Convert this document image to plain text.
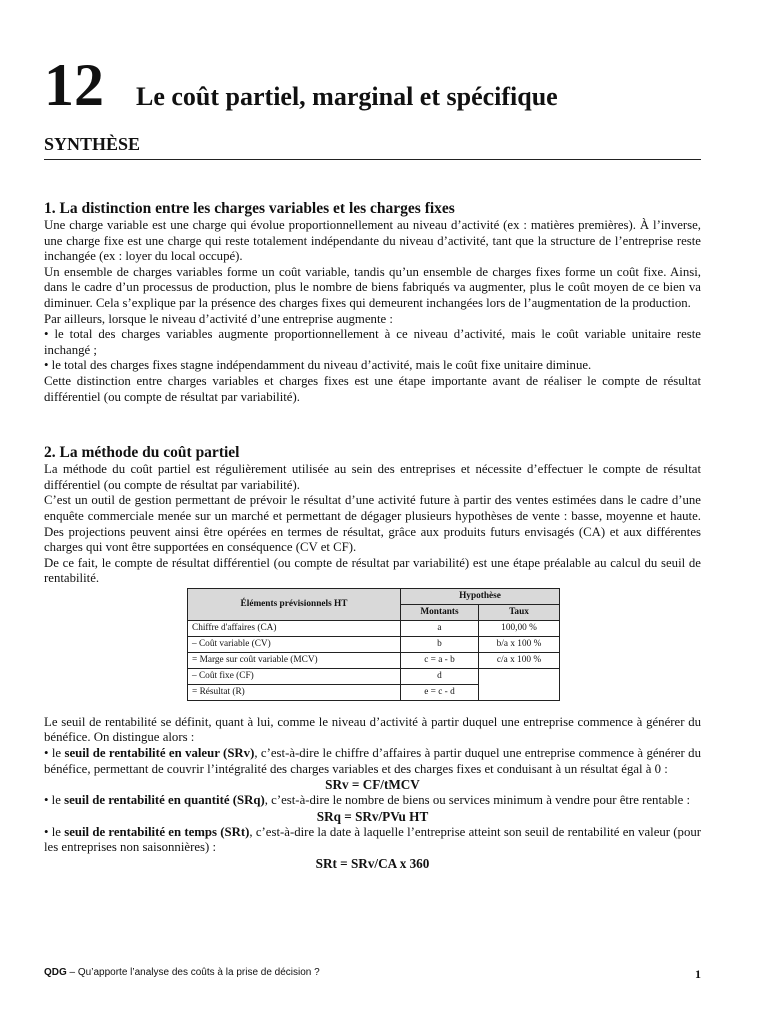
12	Le coût partiel, marginal et spécifique
SYNTHÈSE
1. La distinction entre les charges variables et les charges fixes

Une charge variable est une charge qui évolue proportionnellement au niveau d’activité (ex : matières premières). À l’inverse, une charge fixe est une charge qui reste totalement indépendante du niveau d’activité, tant que la structure de l’entreprise reste inchangée (ex : loyer du local occupé).

Un ensemble de charges variables forme un coût variable, tandis qu’un ensemble de charges fixes forme un coût fixe. Ainsi, dans le cadre d’un processus de production, plus le nombre de biens fabriqués va augmenter, plus le coût moyen de ce bien va diminuer. Cela s’explique par la présence des charges fixes qui demeurent inchangées lors de l’augmentation de la production.

Par ailleurs, lorsque le niveau d’activité d’une entreprise augmente :

• le total des charges variables augmente proportionnellement à ce niveau d’activité, mais le coût variable unitaire reste inchangé ;

• le total des charges fixes stagne indépendamment du niveau d’activité, mais le coût fixe unitaire diminue.

Cette distinction entre charges variables et charges fixes est une étape importante avant de réaliser le compte de résultat différentiel (ou compte de résultat par variabilité).

2. La méthode du coût partiel

La méthode du coût partiel est régulièrement utilisée au sein des entreprises et nécessite d’effectuer le compte de résultat différentiel (ou compte de résultat par variabilité).

C’est un outil de gestion permettant de prévoir le résultat d’une activité future à partir des ventes estimées dans le cadre d’une enquête commerciale menée sur un marché et permettant de dégager plusieurs hypothèses de vente : basse, moyenne et haute. Des projections peuvent ainsi être opérées en termes de résultat, grâce aux produits futurs envisagés (CA) et aux différentes charges qui vont être supportées en conséquence (CV et CF).

De ce fait, le compte de résultat différentiel (ou compte de résultat par variabilité) est une étape préalable au calcul du seuil de rentabilité.

Éléments prévisionnels HT	Hypothèse	
	Montants	Taux
Chiffre d'affaires (CA)	a	100,00 %
– Coût variable (CV)	b	b/a x 100 %
= Marge sur coût variable (MCV)	c = a - b	c/a x 100 %
– Coût fixe (CF)	d	
= Résultat (R)	e = c - d	

Le seuil de rentabilité se définit, quant à lui, comme le niveau d’activité à partir duquel une entreprise commence à générer du bénéfice. On distingue alors :

• le seuil de rentabilité en valeur (SRv), c’est-à-dire le chiffre d’affaires à partir duquel une entreprise commence à générer du bénéfice, permettant de couvrir l’intégralité des charges variables et des charges fixes et conduisant à un résultat égal à 0 :

SRv = CF/tMCV

• le seuil de rentabilité en quantité (SRq), c’est-à-dire le nombre de biens ou services minimum à vendre pour être rentable :

SRq = SRv/PVu HT

• le seuil de rentabilité en temps (SRt), c’est-à-dire la date à laquelle l’entreprise atteint son seuil de rentabilité en valeur (pour les entreprises non saisonnières) :

SRt = SRv/CA x 360
QDG – Qu’apporte l’analyse des coûts à la prise de décision ?	1
